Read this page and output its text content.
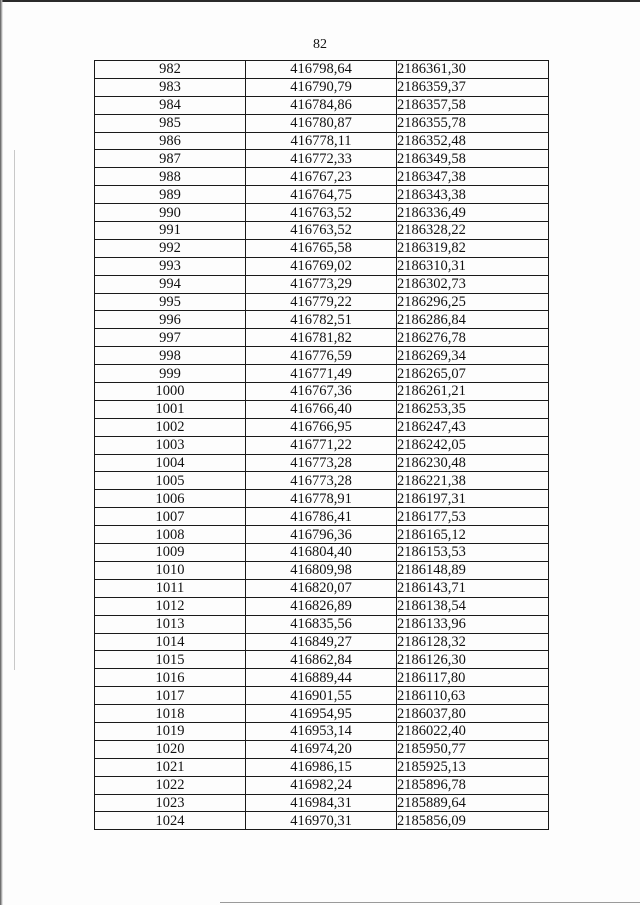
82
982	416798,64	2186361,30
983	416790,79	2186359,37
984	416784,86	2186357,58
985	416780,87	2186355,78
986	416778,11	2186352,48
987	416772,33	2186349,58
988	416767,23	2186347,38
989	416764,75	2186343,38
990	416763,52	2186336,49
991	416763,52	2186328,22
992	416765,58	2186319,82
993	416769,02	2186310,31
994	416773,29	2186302,73
995	416779,22	2186296,25
996	416782,51	2186286,84
997	416781,82	2186276,78
998	416776,59	2186269,34
999	416771,49	2186265,07
1000	416767,36	2186261,21
1001	416766,40	2186253,35
1002	416766,95	2186247,43
1003	416771,22	2186242,05
1004	416773,28	2186230,48
1005	416773,28	2186221,38
1006	416778,91	2186197,31
1007	416786,41	2186177,53
1008	416796,36	2186165,12
1009	416804,40	2186153,53
1010	416809,98	2186148,89
1011	416820,07	2186143,71
1012	416826,89	2186138,54
1013	416835,56	2186133,96
1014	416849,27	2186128,32
1015	416862,84	2186126,30
1016	416889,44	2186117,80
1017	416901,55	2186110,63
1018	416954,95	2186037,80
1019	416953,14	2186022,40
1020	416974,20	2185950,77
1021	416986,15	2185925,13
1022	416982,24	2185896,78
1023	416984,31	2185889,64
1024	416970,31	2185856,09
